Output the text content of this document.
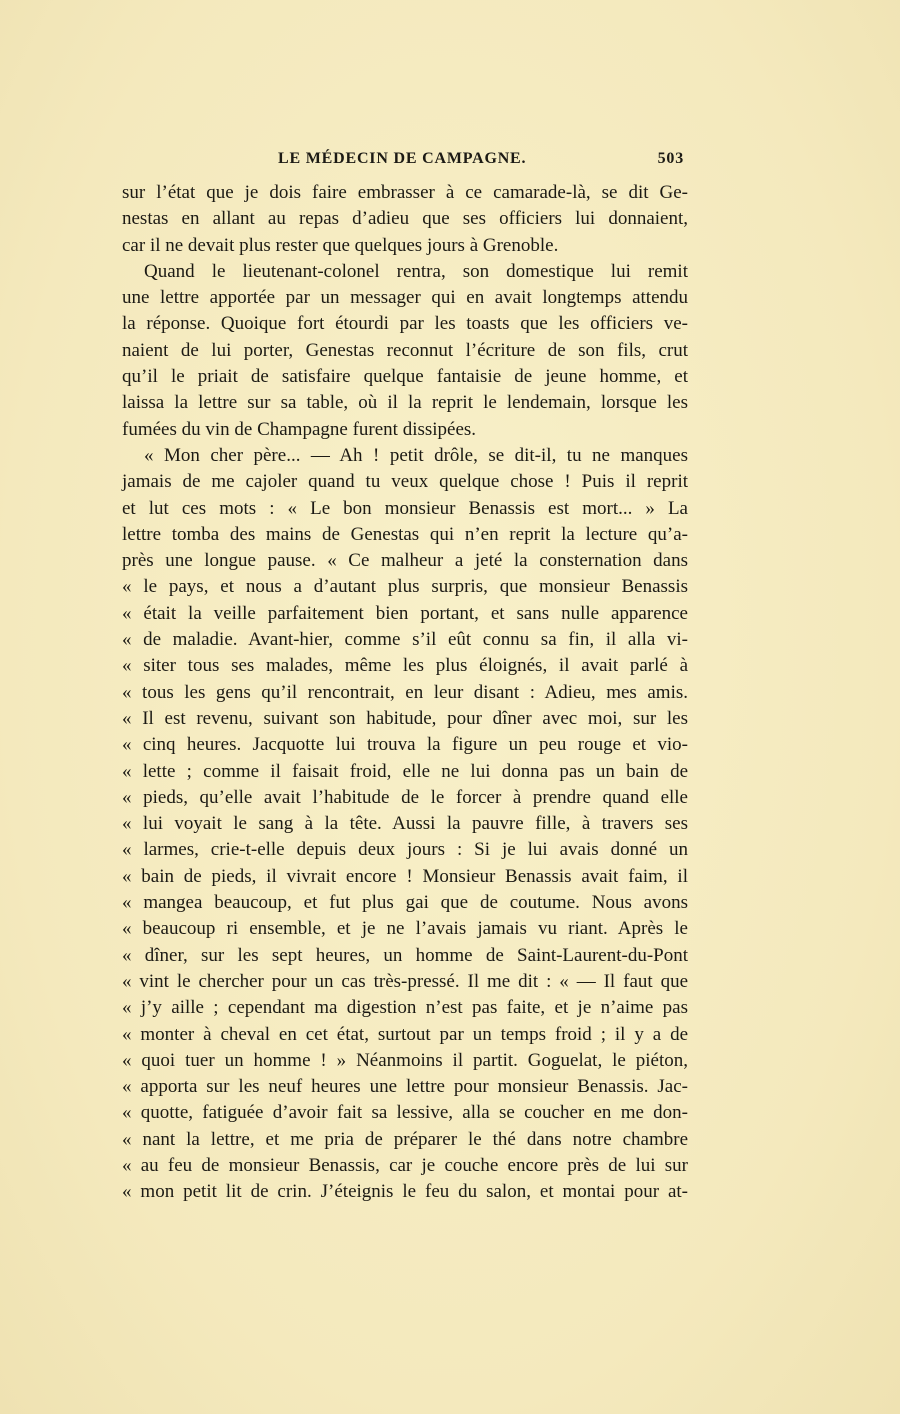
LE MÉDECIN DE CAMPAGNE.	503
sur l’état que je dois faire embrasser à ce camarade-là, se dit Ge-
nestas en allant au repas d’adieu que ses officiers lui donnaient,
car il ne devait plus rester que quelques jours à Grenoble.
Quand le lieutenant-colonel rentra, son domestique lui remit
une lettre apportée par un messager qui en avait longtemps attendu
la réponse. Quoique fort étourdi par les toasts que les officiers ve-
naient de lui porter, Genestas reconnut l’écriture de son fils, crut
qu’il le priait de satisfaire quelque fantaisie de jeune homme, et
laissa la lettre sur sa table, où il la reprit le lendemain, lorsque les
fumées du vin de Champagne furent dissipées.
« Mon cher père... — Ah ! petit drôle, se dit-il, tu ne manques
jamais de me cajoler quand tu veux quelque chose ! Puis il reprit
et lut ces mots : « Le bon monsieur Benassis est mort... » La
lettre tomba des mains de Genestas qui n’en reprit la lecture qu’a-
près une longue pause. « Ce malheur a jeté la consternation dans
« le pays, et nous a d’autant plus surpris, que monsieur Benassis
« était la veille parfaitement bien portant, et sans nulle apparence
« de maladie. Avant-hier, comme s’il eût connu sa fin, il alla vi-
« siter tous ses malades, même les plus éloignés, il avait parlé à
« tous les gens qu’il rencontrait, en leur disant : Adieu, mes amis.
« Il est revenu, suivant son habitude, pour dîner avec moi, sur les
« cinq heures. Jacquotte lui trouva la figure un peu rouge et vio-
« lette ; comme il faisait froid, elle ne lui donna pas un bain de
« pieds, qu’elle avait l’habitude de le forcer à prendre quand elle
« lui voyait le sang à la tête. Aussi la pauvre fille, à travers ses
« larmes, crie-t-elle depuis deux jours : Si je lui avais donné un
« bain de pieds, il vivrait encore ! Monsieur Benassis avait faim, il
« mangea beaucoup, et fut plus gai que de coutume. Nous avons
« beaucoup ri ensemble, et je ne l’avais jamais vu riant. Après le
« dîner, sur les sept heures, un homme de Saint-Laurent-du-Pont
« vint le chercher pour un cas très-pressé. Il me dit : « — Il faut que
« j’y aille ; cependant ma digestion n’est pas faite, et je n’aime pas
« monter à cheval en cet état, surtout par un temps froid ; il y a de
« quoi tuer un homme ! » Néanmoins il partit. Goguelat, le piéton,
« apporta sur les neuf heures une lettre pour monsieur Benassis. Jac-
« quotte, fatiguée d’avoir fait sa lessive, alla se coucher en me don-
« nant la lettre, et me pria de préparer le thé dans notre chambre
« au feu de monsieur Benassis, car je couche encore près de lui sur
« mon petit lit de crin. J’éteignis le feu du salon, et montai pour at-
